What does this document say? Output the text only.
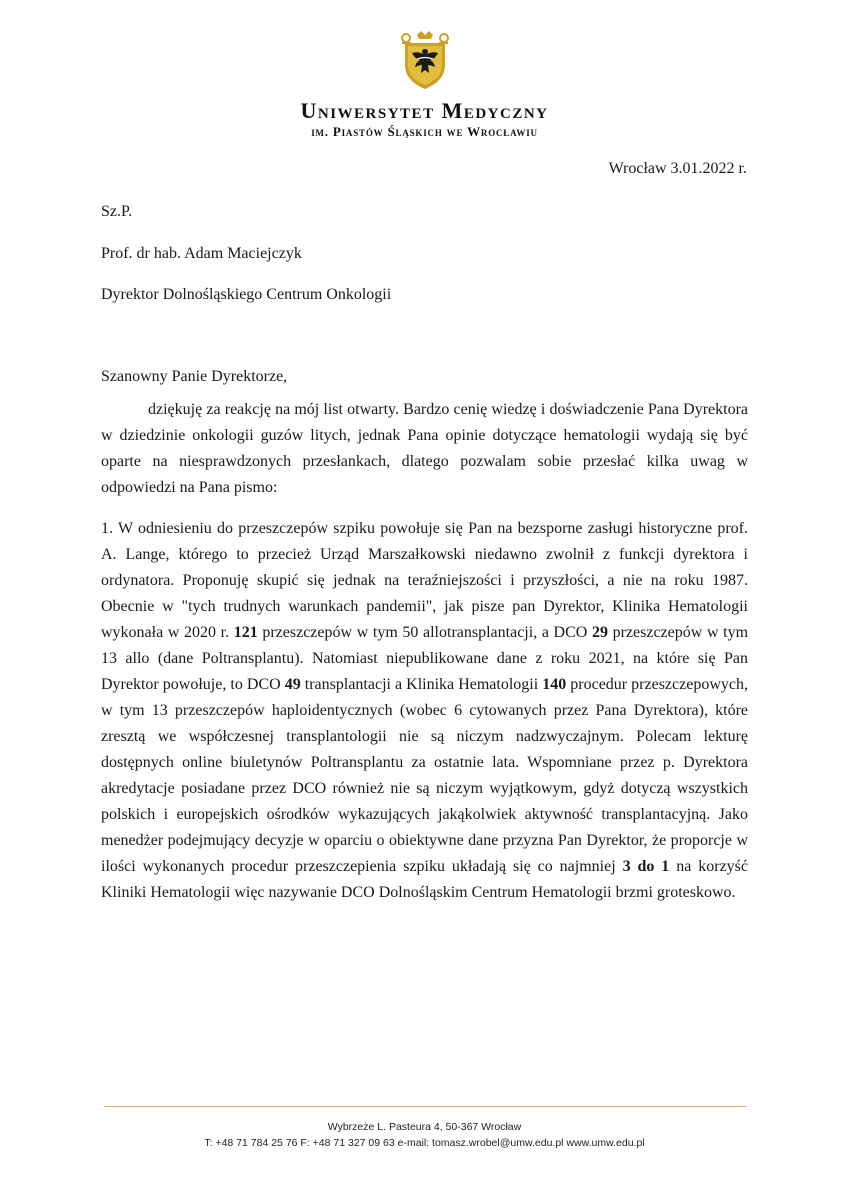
Uniwersytet Medyczny
im. Piastów Śląskich we Wrocławiu
Wrocław 3.01.2022 r.
Sz.P.
Prof. dr hab. Adam Maciejczyk
Dyrektor Dolnośląskiego Centrum Onkologii
Szanowny Panie Dyrektorze,

dziękuję za reakcję na mój list otwarty. Bardzo cenię wiedzę i doświadczenie Pana Dyrektora w dziedzinie onkologii guzów litych, jednak Pana opinie dotyczące hematologii wydają się być oparte na niesprawdzonych przesłankach, dlatego pozwalam sobie przesłać kilka uwag w odpowiedzi na Pana pismo:

1. W odniesieniu do przeszczepów szpiku powołuje się Pan na bezsporne zasługi historyczne prof. A. Lange, którego to przecież Urząd Marszałkowski niedawno zwolnił z funkcji dyrektora i ordynatora. Proponuję skupić się jednak na teraźniejszości i przyszłości, a nie na roku 1987. Obecnie w "tych trudnych warunkach pandemii", jak pisze pan Dyrektor, Klinika Hematologii wykonała w 2020 r. 121 przeszczepów w tym 50 allotransplantacji, a DCO 29 przeszczepów w tym 13 allo (dane Poltransplantu). Natomiast niepublikowane dane z roku 2021, na które się Pan Dyrektor powołuje, to DCO 49 transplantacji a Klinika Hematologii 140 procedur przeszczepowych, w tym 13 przeszczepów haploidentycznych (wobec 6 cytowanych przez Pana Dyrektora), które zresztą we współczesnej transplantologii nie są niczym nadzwyczajnym. Polecam lekturę dostępnych online biuletynów Poltransplantu za ostatnie lata. Wspomniane przez p. Dyrektora akredytacje posiadane przez DCO również nie są niczym wyjątkowym, gdyż dotyczą wszystkich polskich i europejskich ośrodków wykazujących jakąkolwiek aktywność transplantacyjną. Jako menedżer podejmujący decyzje w oparciu o obiektywne dane przyzna Pan Dyrektor, że proporcje w ilości wykonanych procedur przeszczepienia szpiku układają się co najmniej 3 do 1 na korzyść Kliniki Hematologii więc nazywanie DCO Dolnośląskim Centrum Hematologii brzmi groteskowo.

Wybrzeże L. Pasteura 4, 50-367 Wrocław
T: +48 71 784 25 76 F: +48 71 327 09 63 e-mail: tomasz.wrobel@umw.edu.pl www.umw.edu.pl
